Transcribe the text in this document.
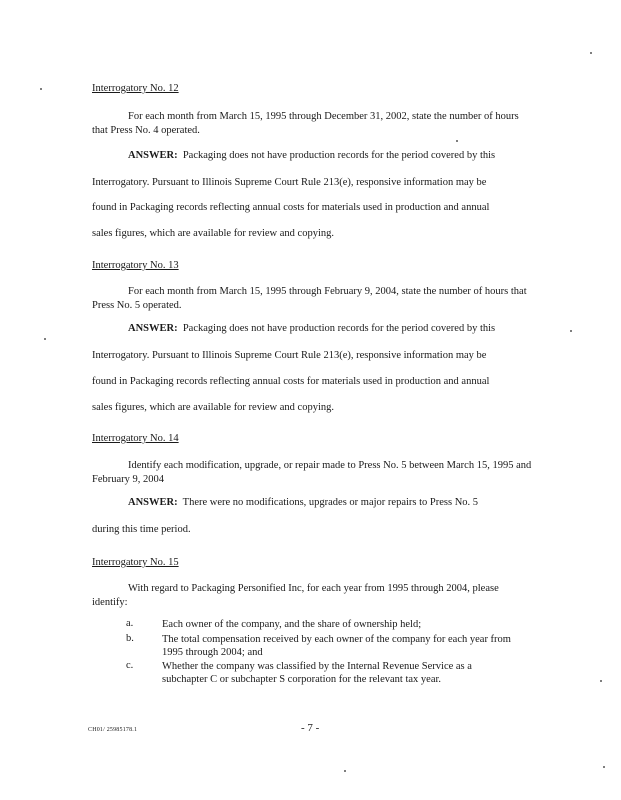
Interrogatory No. 12
For each month from March 15, 1995 through December 31, 2002, state the number of hours that Press No. 4 operated.
ANSWER: Packaging does not have production records for the period covered by this
Interrogatory. Pursuant to Illinois Supreme Court Rule 213(e), responsive information may be
found in Packaging records reflecting annual costs for materials used in production and annual
sales figures, which are available for review and copying.
Interrogatory No. 13
For each month from March 15, 1995 through February 9, 2004, state the number of hours that Press No. 5 operated.
ANSWER: Packaging does not have production records for the period covered by this
Interrogatory. Pursuant to Illinois Supreme Court Rule 213(e), responsive information may be
found in Packaging records reflecting annual costs for materials used in production and annual
sales figures, which are available for review and copying.
Interrogatory No. 14
Identify each modification, upgrade, or repair made to Press No. 5 between March 15, 1995 and February 9, 2004
ANSWER: There were no modifications, upgrades or major repairs to Press No. 5
during this time period.
Interrogatory No. 15
With regard to Packaging Personified Inc, for each year from 1995 through 2004, please identify:
a.	Each owner of the company, and the share of ownership held;
b.	The total compensation received by each owner of the company for each year from 1995 through 2004; and
c.	Whether the company was classified by the Internal Revenue Service as a subchapter C or subchapter S corporation for the relevant tax year.
CH01/ 25985178.1	- 7 -
